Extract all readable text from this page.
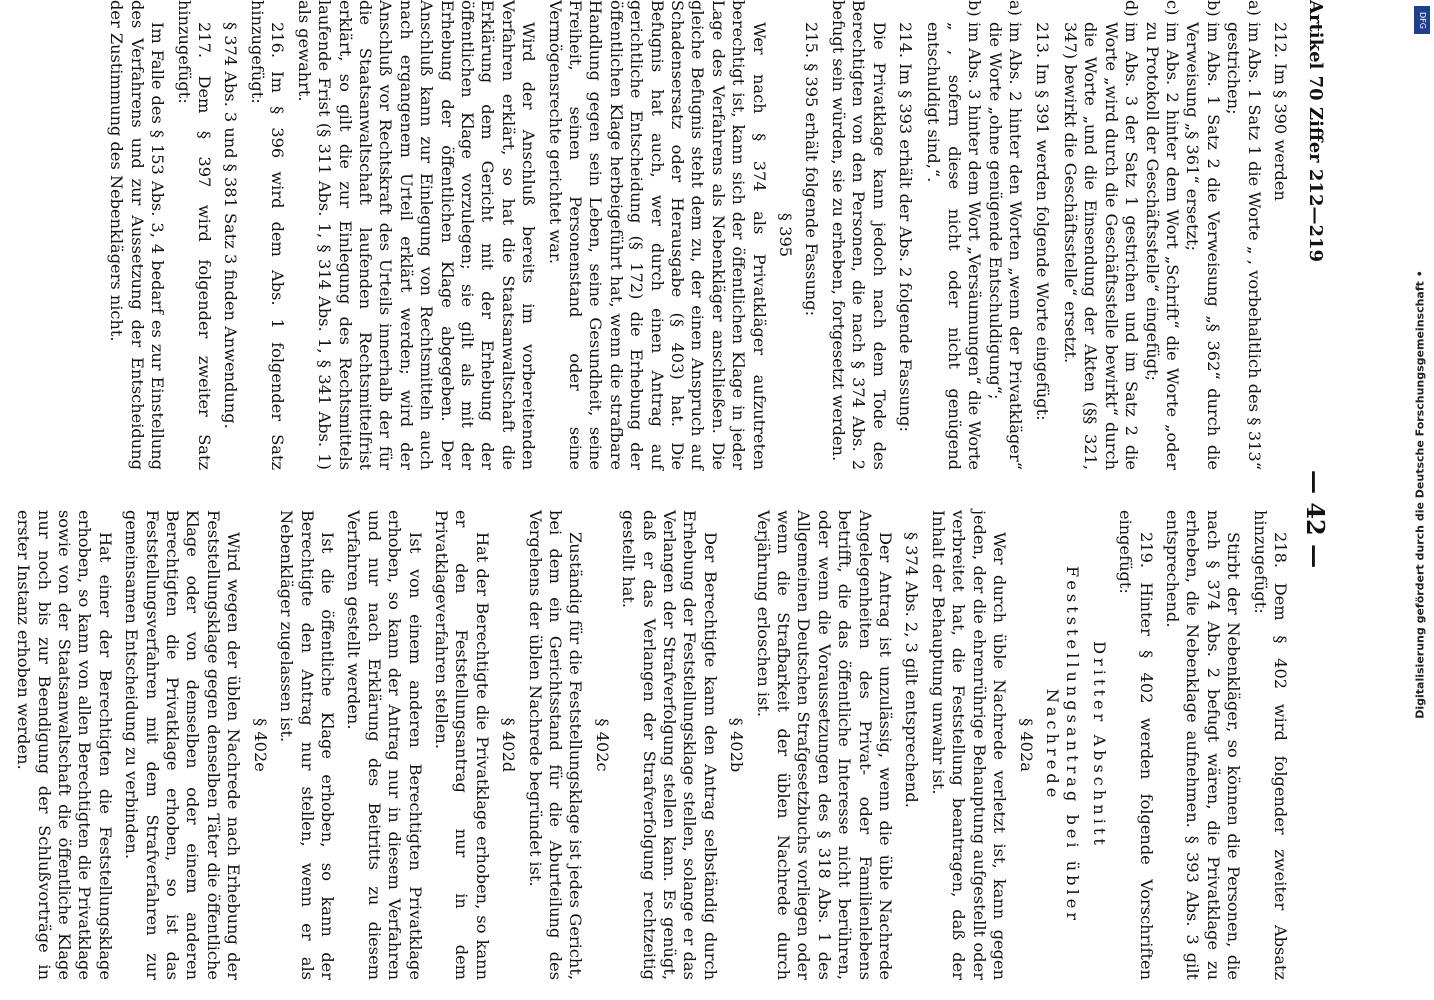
Artikel 70 Ziffer 212—219
— 42 —

212. Im § 390 werden

a)
im Abs. 1 Satz 1 die Worte „ , vorbehaltlich des § 313“ gestrichen;
b)
im Abs. 1 Satz 2 die Verweisung „§ 362“ durch die Verweisung „§ 361“ ersetzt;
c)
im Abs. 2 hinter dem Wort „Schrift“ die Worte „oder zu Protokoll der Geschäftsstelle“ eingefügt;
d)
im Abs. 3 der Satz 1 gestrichen und im Satz 2 die Worte „wird durch die Geschäftsstelle bewirkt“ durch die Worte „und die Einsendung der Akten (§§ 321, 347) bewirkt die Geschäftsstelle“ ersetzt.

213. Im § 391 werden folgende Worte eingefügt:

a)
im Abs. 2 hinter den Worten „wenn der Privatkläger“ die Worte „ohne genügende Entschuldigung“;
b)
im Abs. 3 hinter dem Wort „Versäumungen“ die Worte „ , sofern diese nicht oder nicht genügend entschuldigt sind,“.

214. Im § 393 erhält der Abs. 2 folgende Fassung:

Die Privatklage kann jedoch nach dem Tode des Berechtigten von den Personen, die nach § 374 Abs. 2 befugt sein würden, sie zu erheben, fortgesetzt werden.

215. § 395 erhält folgende Fassung:

§ 395

Wer nach § 374 als Privatkläger aufzutreten berechtigt ist, kann sich der öffentlichen Klage in jeder Lage des Verfahrens als Nebenkläger anschließen. Die gleiche Befugnis steht dem zu, der einen Anspruch auf Schadensersatz oder Herausgabe (§ 403) hat. Die Befugnis hat auch, wer durch einen Antrag auf gerichtliche Entscheidung (§ 172) die Erhebung der öffentlichen Klage herbeigeführt hat, wenn die strafbare Handlung gegen sein Leben, seine Gesundheit, seine Freiheit, seinen Personenstand oder seine Vermögensrechte gerichtet war.

Wird der Anschluß bereits im vorbereitenden Verfahren erklärt, so hat die Staatsanwaltschaft die Erklärung dem Gericht mit der Erhebung der öffentlichen Klage vorzulegen; sie gilt als mit der Erhebung der öffentlichen Klage abgegeben. Der Anschluß kann zur Einlegung von Rechtsmitteln auch nach ergangenem Urteil erklärt werden; wird der Anschluß vor Rechtskraft des Urteils innerhalb der für die Staatsanwaltschaft laufenden Rechtsmittelfrist erklärt, so gilt die zur Einlegung des Rechtsmittels laufende Frist (§ 311 Abs. 1, § 314 Abs. 1, § 341 Abs. 1) als gewahrt.

216. Im § 396 wird dem Abs. 1 folgender Satz hinzugefügt:

§ 374 Abs. 3 und § 381 Satz 3 finden Anwendung.

217. Dem § 397 wird folgender zweiter Satz hinzugefügt:

Im Falle des § 153 Abs. 3, 4 bedarf es zur Einstellung des Verfahrens und zur Aussetzung der Entscheidung der Zustimmung des Nebenklägers nicht.

218. Dem § 402 wird folgender zweiter Absatz hinzugefügt:

Stirbt der Nebenkläger, so können die Personen, die nach § 374 Abs. 2 befugt wären, die Privatklage zu erheben, die Nebenklage aufnehmen. § 393 Abs. 3 gilt entsprechend.

219. Hinter § 402 werden folgende Vorschriften eingefügt:

Dritter Abschnitt

Feststellungsantrag bei übler Nachrede

§ 402a

Wer durch üble Nachrede verletzt ist, kann gegen jeden, der die ehrenrührige Behauptung aufgestellt oder verbreitet hat, die Feststellung beantragen, daß der Inhalt der Behauptung unwahr ist.

§ 374 Abs. 2, 3 gilt entsprechend.

Der Antrag ist unzulässig, wenn die üble Nachrede Angelegenheiten des Privat- oder Familienlebens betrifft, die das öffentliche Interesse nicht berühren, oder wenn die Voraussetzungen des § 318 Abs. 1 des Allgemeinen Deutschen Strafgesetzbuchs vorliegen oder wenn die Strafbarkeit der üblen Nachrede durch Verjährung erloschen ist.

§ 402b

Der Berechtigte kann den Antrag selbständig durch Erhebung der Feststellungsklage stellen, solange er das Verlangen der Strafverfolgung stellen kann. Es genügt, daß er das Verlangen der Strafverfolgung rechtzeitig gestellt hat.

§ 402c

Zuständig für die Feststellungsklage ist jedes Gericht, bei dem ein Gerichtsstand für die Aburteilung des Vergehens der üblen Nachrede begründet ist.

§ 402d

Hat der Berechtigte die Privatklage erhoben, so kann er den Feststellungsantrag nur in dem Privatklageverfahren stellen.

Ist von einem anderen Berechtigten Privatklage erhoben, so kann der Antrag nur in diesem Verfahren und nur nach Erklärung des Beitritts zu diesem Verfahren gestellt werden.

Ist die öffentliche Klage erhoben, so kann der Berechtigte den Antrag nur stellen, wenn er als Nebenkläger zugelassen ist.

§ 402e

Wird wegen der üblen Nachrede nach Erhebung der Feststellungsklage gegen denselben Täter die öffentliche Klage oder von demselben oder einem anderen Berechtigten die Privatklage erhoben, so ist das Feststellungsverfahren mit dem Strafverfahren zur gemeinsamen Entscheidung zu verbinden.

Hat einer der Berechtigten die Feststellungsklage erhoben, so kann von allen Berechtigten die Privatklage sowie von der Staatsanwaltschaft die öffentliche Klage nur noch bis zur Beendigung der Schlußvorträge in erster Instanz erhoben werden.	Digitalisierung gefördert durch die Deutsche Forschungsgemeinschaft •
DFG
